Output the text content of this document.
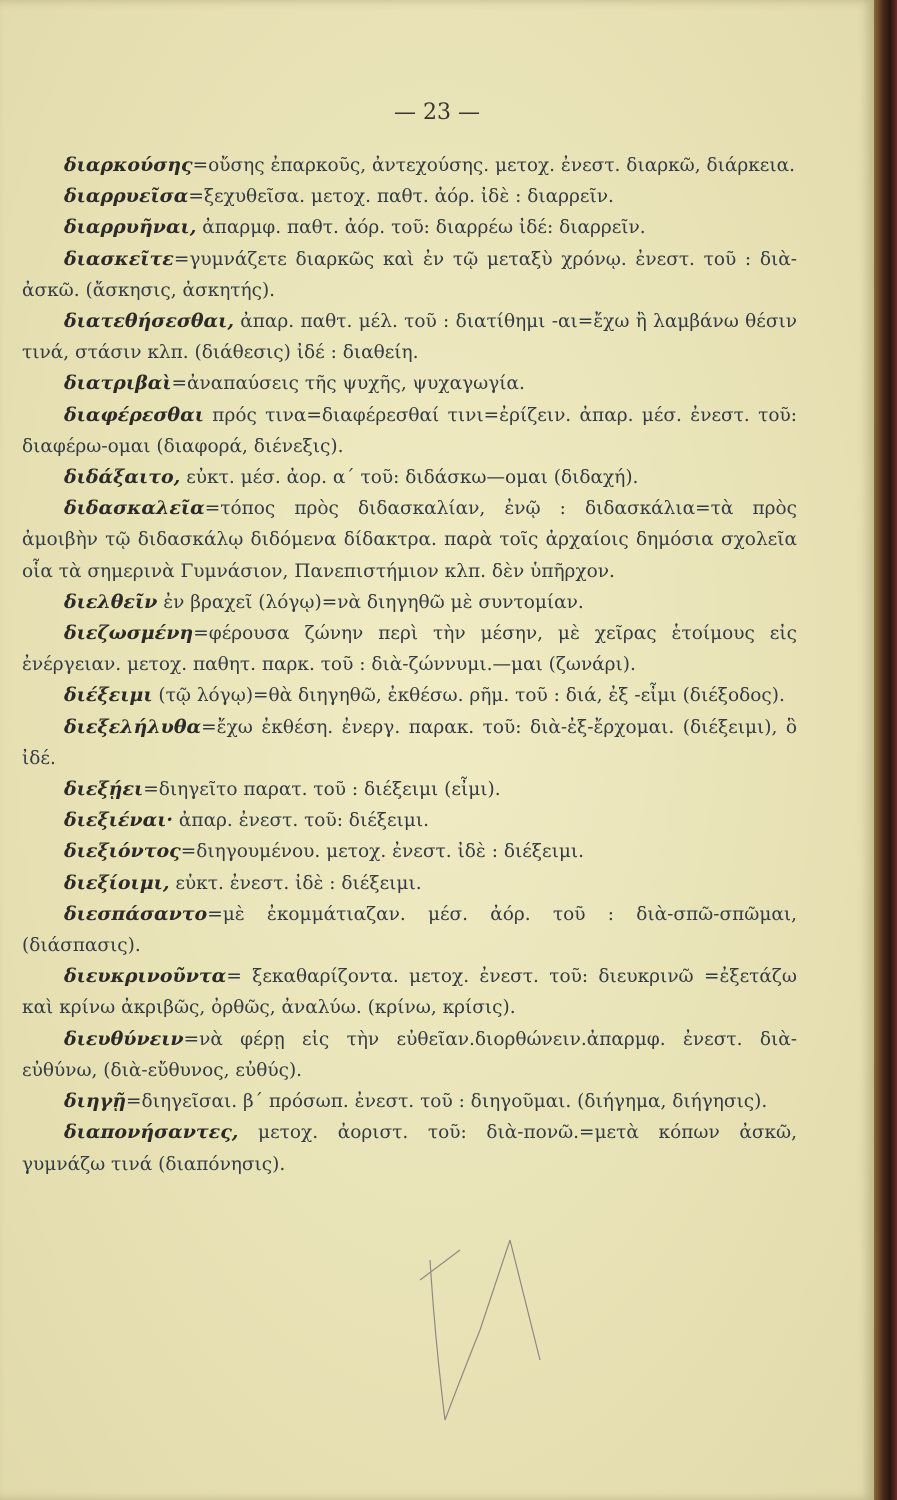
— 23 —

διαρκούσης=οὔσης ἐπαρκοῦς, ἀντεχούσης. μετοχ. ἐνεστ. διαρκῶ, διάρκεια.

διαρρυεῖσα=ξεχυθεῖσα. μετοχ. παθτ. ἀόρ. ἰδὲ : διαρρεῖν.

διαρρυῆναι, ἀπαρμφ. παθτ. ἀόρ. τοῦ: διαρρέω ἰδέ: διαρρεῖν.

διασκεῖτε=γυμνάζετε διαρκῶς καὶ ἐν τῷ μεταξὺ χρόνῳ. ἐνεστ. τοῦ : διὰ-ἀσκῶ. (ἄσκησις, ἀσκητής).

διατεθήσεσθαι, ἀπαρ. παθτ. μέλ. τοῦ : διατίθημι -αι=ἔχω ἢ λαμβάνω θέσιν τινά, στάσιν κλπ. (διάθεσις) ἰδέ : διαθείη.

διατριβαὶ=ἀναπαύσεις τῆς ψυχῆς, ψυχαγωγία.

διαφέρεσθαι πρός τινα=διαφέρεσθαί τινι=ἐρίζειν. ἀπαρ. μέσ. ἐνεστ. τοῦ: διαφέρω-ομαι (διαφορά, διένεξις).

διδάξαιτο, εὐκτ. μέσ. ἀορ. α΄ τοῦ: διδάσκω—ομαι (διδαχή).

διδασκαλεῖα=τόπος πρὸς διδασκαλίαν, ἐνῷ : διδασκάλια=τὰ πρὸς ἀμοιβὴν τῷ διδασκάλῳ διδόμενα δίδακτρα. παρὰ τοῖς ἀρχαίοις δημόσια σχολεῖα οἷα τὰ σημερινὰ Γυμνάσιον, Πανεπιστήμιον κλπ. δὲν ὑπῆρχον.

διελθεῖν ἐν βραχεῖ (λόγῳ)=νὰ διηγηθῶ μὲ συντομίαν.

διεζωσμένη=φέρουσα ζώνην περὶ τὴν μέσην, μὲ χεῖρας ἑτοίμους εἰς ἐνέργειαν. μετοχ. παθητ. παρκ. τοῦ : διὰ-ζώννυμι.—μαι (ζωνάρι).

διέξειμι (τῷ λόγῳ)=θὰ διηγηθῶ, ἐκθέσω. ρῆμ. τοῦ : διά, ἐξ -εἶμι (διέξοδος).

διεξελήλυθα=ἔχω ἐκθέση. ἐνεργ. παρακ. τοῦ: διὰ-ἐξ-ἔρχομαι. (διέξειμι), ὃ ἰδέ.

διεξῄει=διηγεῖτο παρατ. τοῦ : διέξειμι (εἶμι).

διεξιέναι· ἀπαρ. ἐνεστ. τοῦ: διέξειμι.

διεξιόντος=διηγουμένου. μετοχ. ἐνεστ. ἰδὲ : διέξειμι.

διεξίοιμι, εὐκτ. ἐνεστ. ἰδὲ : διέξειμι.

διεσπάσαντο=μὲ ἐκομμάτιαζαν. μέσ. ἀόρ. τοῦ : διὰ-σπῶ-σπῶμαι, (διάσπασις).

διευκρινοῦντα= ξεκαθαρίζοντα. μετοχ. ἐνεστ. τοῦ: διευκρινῶ =ἐξετάζω καὶ κρίνω ἀκριβῶς, ὀρθῶς, ἀναλύω. (κρίνω, κρίσις).

διευθύνειν=νὰ φέρῃ εἰς τὴν εὐθεῖαν.διορθώνειν.ἀπαρμφ. ἐνεστ. διὰ-εὐθύνω, (διὰ-εὔθυνος, εὐθύς).

διηγῇ=διηγεῖσαι. β΄ πρόσωπ. ἐνεστ. τοῦ : διηγοῦμαι. (διήγημα, διήγησις).

διαπονήσαντες, μετοχ. ἀοριστ. τοῦ: διὰ-πονῶ.=μετὰ κόπων ἀσκῶ, γυμνάζω τινά (διαπόνησις).
